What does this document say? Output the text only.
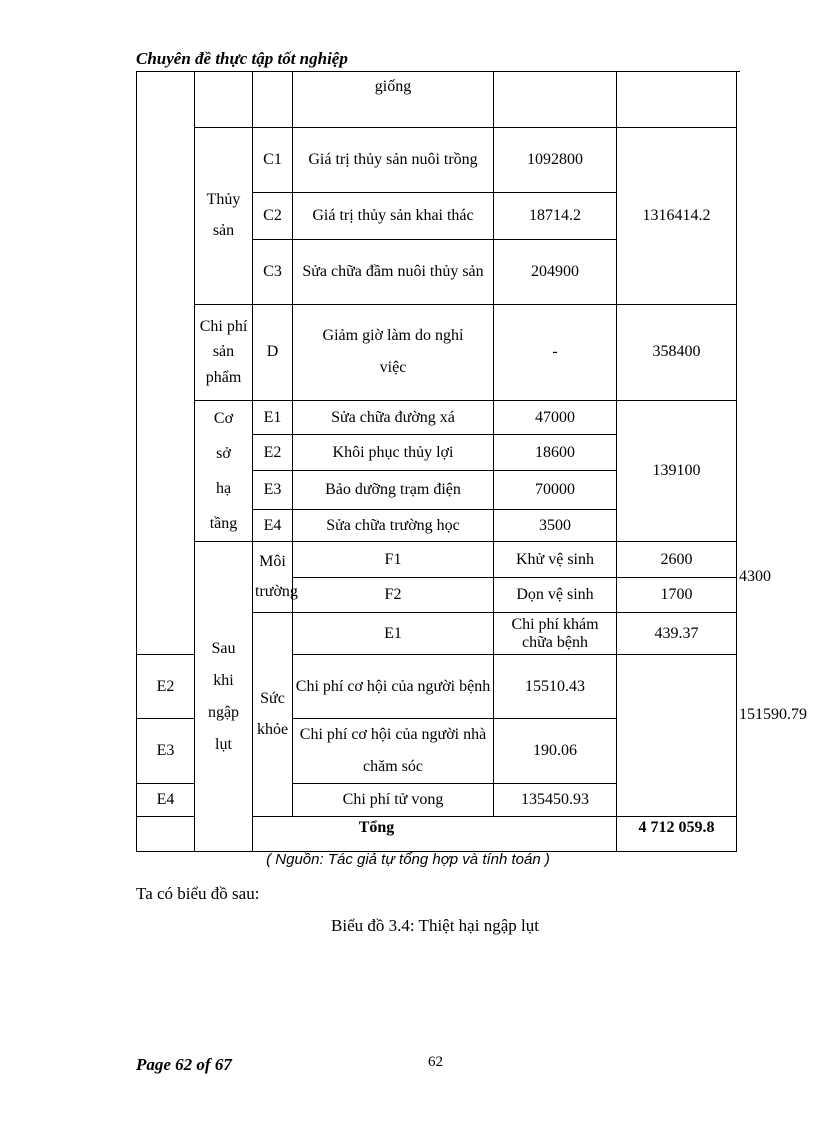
Chuyên đề thực tập tốt nghiệp
			giống			
	Thủy sản	C1	Giá trị thủy sản nuôi trồng	1092800	1316414.2	
		C2	Giá trị thủy sản khai thác	18714.2		
		C3	Sửa chữa đầm nuôi thủy sản	204900		
	Chi phí sản phẩm	D	Giảm giờ làm do nghỉ việc	-	358400	
	Cơ sở hạ tầng	E1	Sửa chữa đường xá	47000	139100	
		E2	Khôi phục thủy lợi	18600		
		E3	Bảo dưỡng trạm điện	70000		
		E4	Sửa chữa trường học	3500		
	Sau khi ngập lụt	Môi trường	F1	Khử vệ sinh	2600	4300
			F2	Dọn vệ sinh	1700	
		Sức khỏe	E1	Chi phí khám chữa bệnh	439.37	151590.79
E2			Chi phí cơ hội của người bệnh	15510.43		
E3			Chi phí cơ hội của người nhà chăm sóc	190.06		
E4			Chi phí tử vong	135450.93		
Tổng					4 712 059.8	
( Nguồn: Tác giả tự tổng hợp và tính toán )
Ta có biểu đồ sau:
Biểu đồ 3.4: Thiệt hại ngập lụt
Page 62 of 67	62
